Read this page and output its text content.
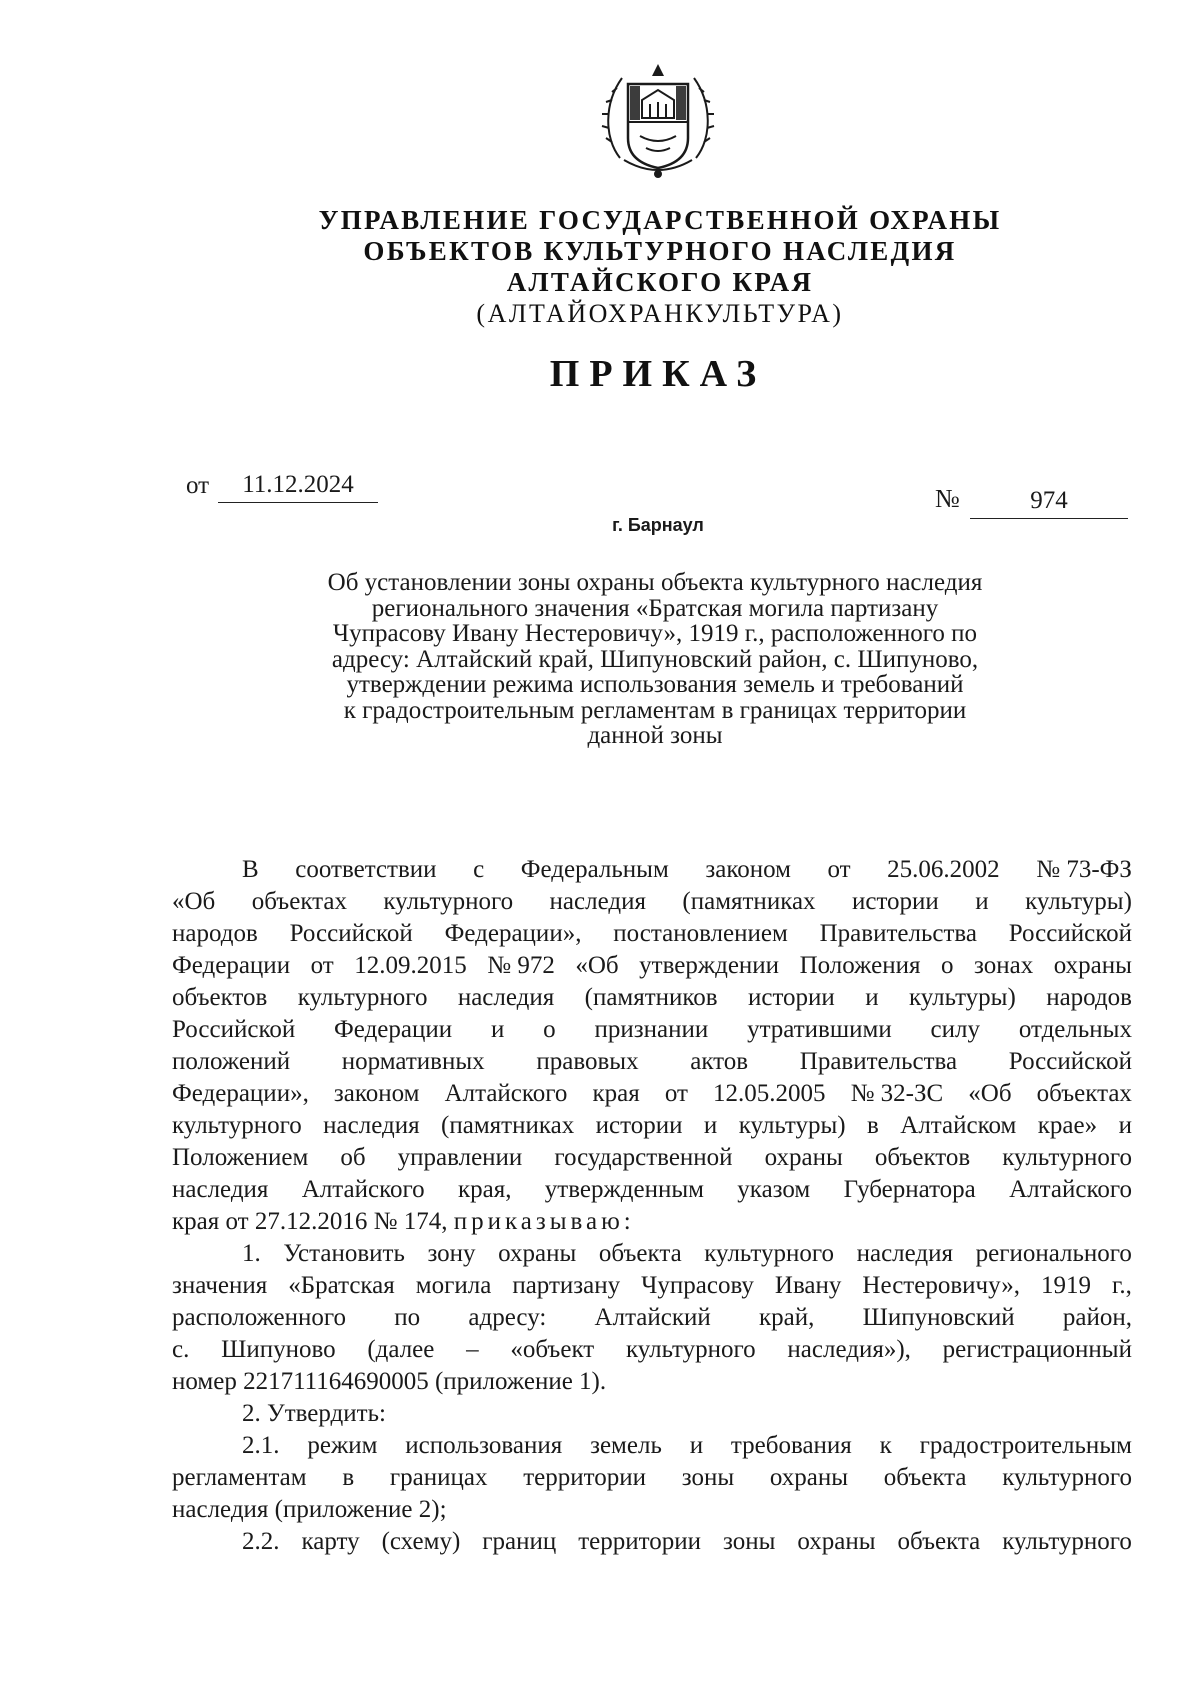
УПРАВЛЕНИЕ ГОСУДАРСТВЕННОЙ ОХРАНЫ
ОБЪЕКТОВ КУЛЬТУРНОГО НАСЛЕДИЯ
АЛТАЙСКОГО КРАЯ
(АЛТАЙОХРАНКУЛЬТУРА)
ПРИКАЗ
от	11.12.2024	№	974
г. Барнаул
Об установлении зоны охраны объекта культурного наследия
регионального значения «Братская могила партизану
Чупрасову Ивану Нестеровичу», 1919 г., расположенного по
адресу: Алтайский край, Шипуновский район, с. Шипуново,
утверждении режима использования земель и требований
к градостроительным регламентам в границах территории
данной зоны
В соответствии с Федеральным законом от 25.06.2002 № 73-ФЗ
«Об объектах культурного наследия (памятниках истории и культуры)
народов Российской Федерации», постановлением Правительства Российской
Федерации от 12.09.2015 № 972 «Об утверждении Положения о зонах охраны
объектов культурного наследия (памятников истории и культуры) народов
Российской Федерации и о признании утратившими силу отдельных
положений нормативных правовых актов Правительства Российской
Федерации», законом Алтайского края от 12.05.2005 № 32-ЗС «Об объектах
культурного наследия (памятниках истории и культуры) в Алтайском крае» и
Положением об управлении государственной охраны объектов культурного
наследия Алтайского края, утвержденным указом Губернатора Алтайского
края от 27.12.2016 № 174,
приказываю:
1. Установить зону охраны объекта культурного наследия регионального
значения «Братская могила партизану Чупрасову Ивану Нестеровичу», 1919 г.,
расположенного по адресу: Алтайский край, Шипуновский район,
с. Шипуново (далее – «объект культурного наследия»), регистрационный
номер 221711164690005 (приложение 1).
2. Утвердить:
2.1. режим использования земель и требования к градостроительным
регламентам в границах территории зоны охраны объекта культурного
наследия (приложение 2);
2.2. карту (схему) границ территории зоны охраны объекта культурного
